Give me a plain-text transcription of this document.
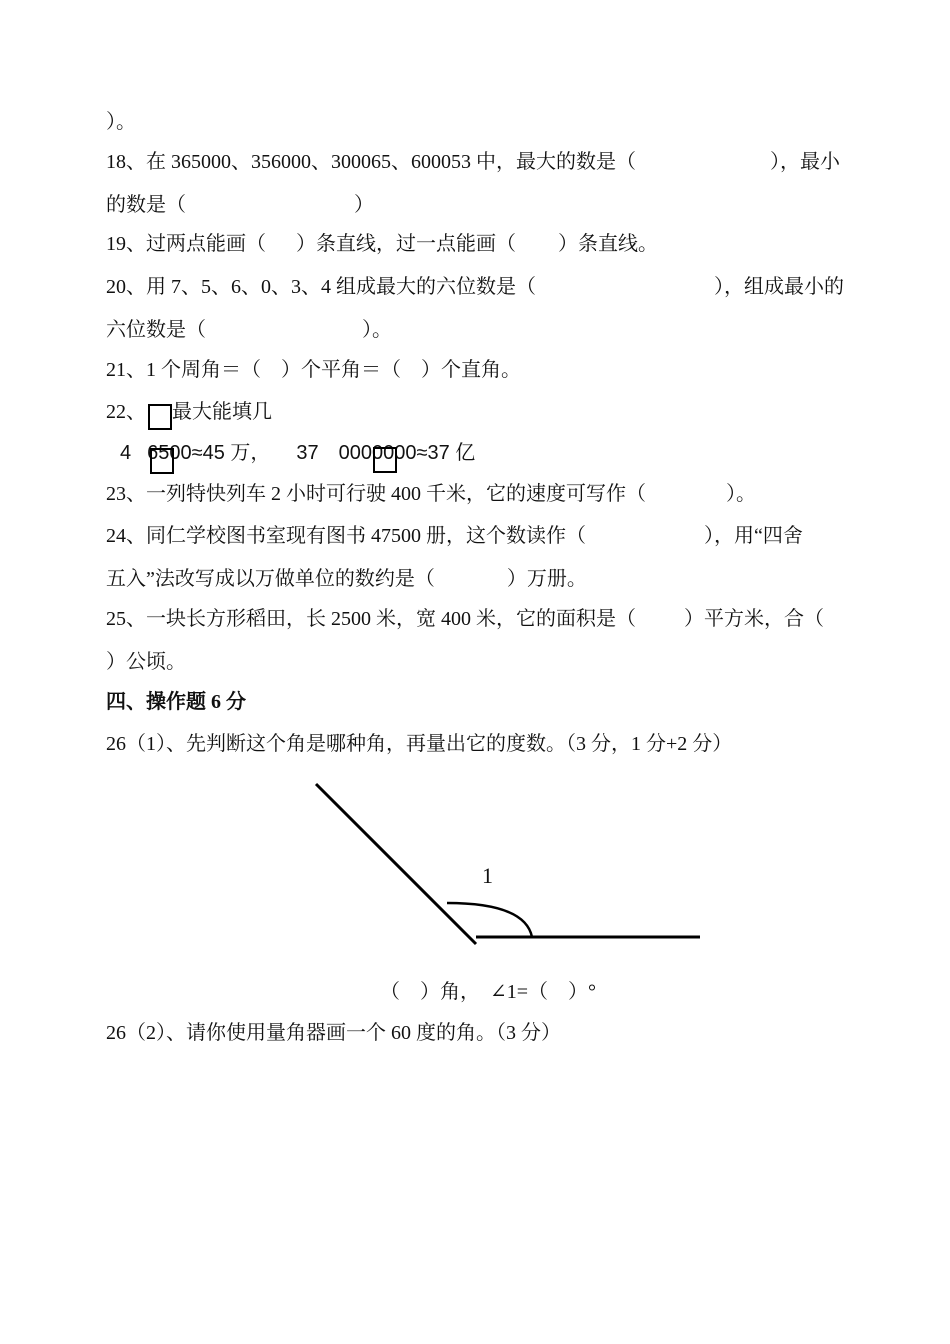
）。
18、在 365000、356000、300065、600053 中，最大的数是（	），最小
的数是（	）
19、过两点能画（ ）条直线，过一点能画（ ）条直线。
20、用 7、5、6、0、3、4 组成最大的六位数是（	），组成最小的
六位数是（	）。
21、1 个周角＝（　）个平角＝（　）个直角。
22、 最大能填几
4 6500≈45 万， 37 0000000≈37 亿
23、一列特快列车 2 小时可行驶 400 千米，它的速度可写作（	）。
24、同仁学校图书室现有图书 47500 册，这个数读作（	），用“四舍
五入”法改写成以万做单位的数约是（	）万册。
25、一块长方形稻田，长 2500 米，宽 400 米，它的面积是（ ）平方米，合（
）公顷。
四、操作题 6 分
26（1）、先判断这个角是哪种角，再量出它的度数。（3 分，1 分+2 分）
1
（　）角，　∠1=（　）°
26（2）、请你使用量角器画一个 60 度的角。（3 分）
